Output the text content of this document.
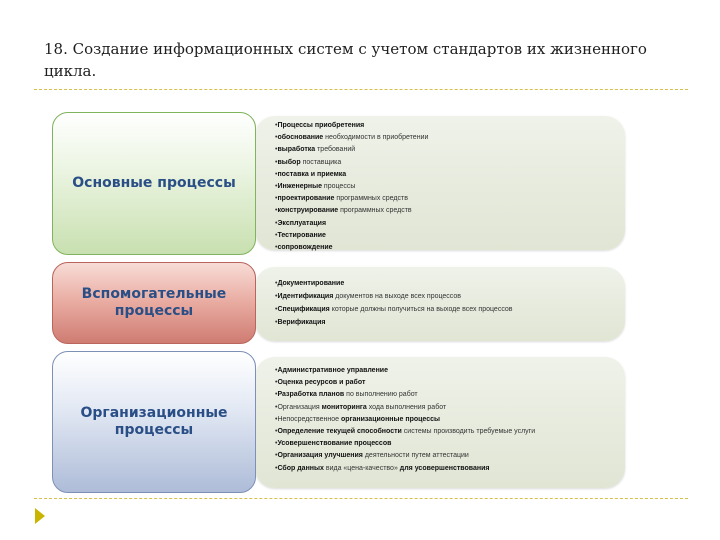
18. Создание информационных систем с учетом стандартов их жизненного цикла.
•Процессы приобретения
•обоснование необходимости в приобретении
•выработка требований
•выбор поставщика
•поставка и приемка
•Инженерные процессы
•проектирование программных средств
•конструирование программных средств
•Эксплуатация
•Тестирование
•сопровождение
Основные процессы
•Документирование
•Идентификация документов на выходе всех процессов
•Спецификация которые должны получиться на выходе всех процессов
•Верификация
Вспомогательные процессы
•Административное управление
•Оценка ресурсов и работ
•Разработка планов по выполнению работ
•Организация мониторинга хода выполнения работ
•Непосредственное организационные процессы
•Определение текущей способности системы производить требуемые услуги
•Усовершенствование процессов
•Организация улучшения деятельности путем аттестации
•Сбор данных вида «цена-качество» для усовершенствования
Организационные процессы
